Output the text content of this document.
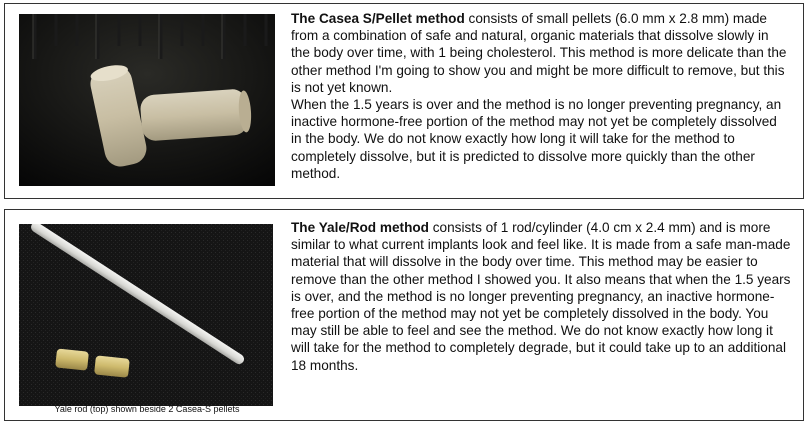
The Casea S/Pellet method consists of small pellets (6.0 mm x 2.8 mm) made from a combination of safe and natural, organic materials that dissolve slowly in the body over time, with 1 being cholesterol. This method is more delicate than the other method I'm going to show you and might be more difficult to remove, but this is not yet known.

When the 1.5 years is over and the method is no longer preventing pregnancy, an inactive hormone-free portion of the method may not yet be completely dissolved in the body. We do not know exactly how long it will take for the method to completely dissolve, but it is predicted to dissolve more quickly than the other method.

Yale rod (top) shown beside 2 Casea-S pellets

The Yale/Rod method consists of 1 rod/cylinder (4.0 cm x 2.4 mm) and is more similar to what current implants look and feel like. It is made from a safe man-made material that will dissolve in the body over time. This method may be easier to remove than the other method I showed you. It also means that when the 1.5 years is over, and the method is no longer preventing pregnancy, an inactive hormone-free portion of the method may not yet be completely dissolved in the body. You may still be able to feel and see the method. We do not know exactly how long it will take for the method to completely degrade, but it could take up to an additional 18 months.
